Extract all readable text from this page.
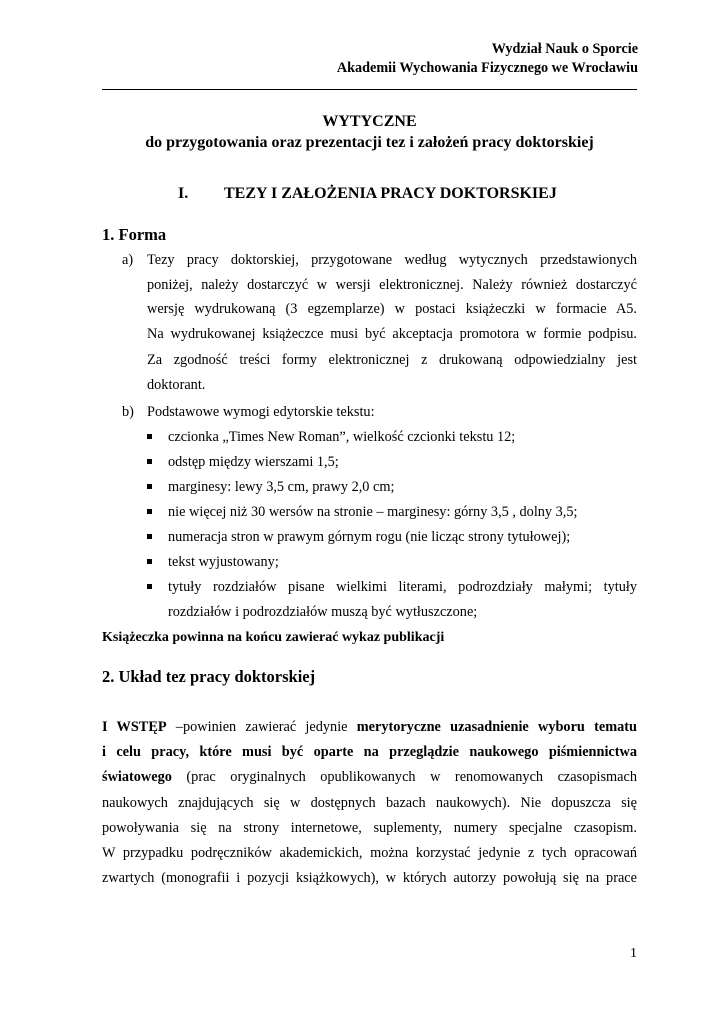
Wydział Nauk o Sporcie
Akademii Wychowania Fizycznego we Wrocławiu
WYTYCZNE
do przygotowania oraz prezentacji tez i założeń pracy doktorskiej
I. TEZY I ZAŁOŻENIA PRACY DOKTORSKIEJ
1. Forma
a) Tezy pracy doktorskiej, przygotowane według wytycznych przedstawionych
poniżej, należy dostarczyć w wersji elektronicznej. Należy również dostarczyć
wersję wydrukowaną (3 egzemplarze) w postaci książeczki w formacie A5.
Na wydrukowanej książeczce musi być akceptacja promotora w formie podpisu.
Za zgodność treści formy elektronicznej z drukowaną odpowiedzialny jest
doktorant.
b) Podstawowe wymogi edytorskie tekstu:
czcionka „Times New Roman”, wielkość czcionki tekstu 12;
odstęp między wierszami 1,5;
marginesy: lewy 3,5 cm, prawy 2,0 cm;
nie więcej niż 30 wersów na stronie – marginesy: górny 3,5 , dolny 3,5;
numeracja stron w prawym górnym rogu (nie licząc strony tytułowej);
tekst wyjustowany;
tytuły rozdziałów pisane wielkimi literami, podrozdziały małymi; tytuły
rozdziałów i podrozdziałów muszą być wytłuszczone;
Książeczka powinna na końcu zawierać wykaz publikacji
2. Układ tez pracy doktorskiej
I WSTĘP –powinien zawierać jedynie merytoryczne uzasadnienie wyboru tematu
i celu pracy, które musi być oparte na przeglądzie naukowego piśmiennictwa
światowego (prac oryginalnych opublikowanych w renomowanych czasopismach
naukowych znajdujących się w dostępnych bazach naukowych). Nie dopuszcza się
powoływania się na strony internetowe, suplementy, numery specjalne czasopism.
W przypadku podręczników akademickich, można korzystać jedynie z tych opracowań
zwartych (monografii i pozycji książkowych), w których autorzy powołują się na prace
1
